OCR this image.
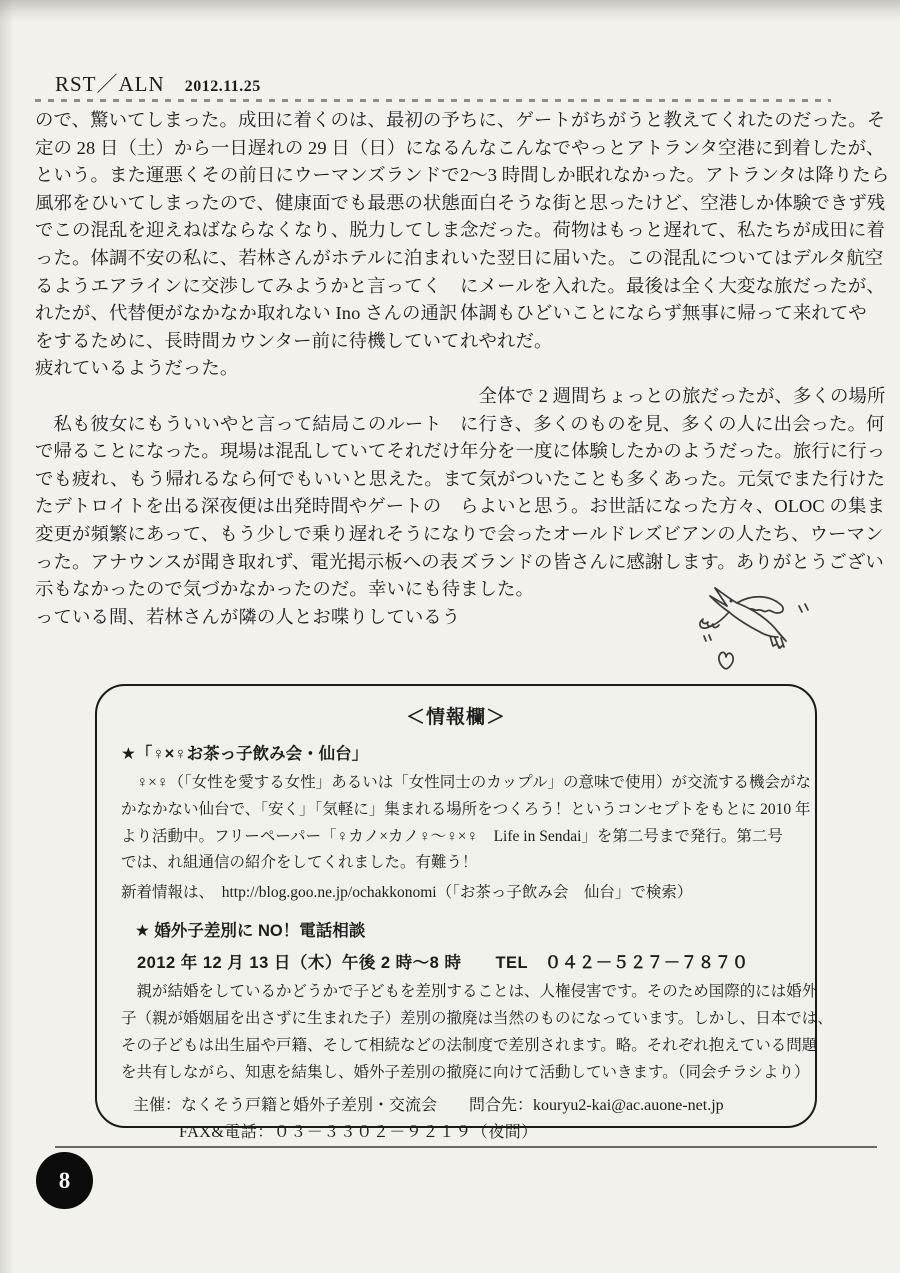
RST／ALN 2012.11.25
ので、驚いてしまった。成田に着くのは、最初の予
定の 28 日（土）から一日遅れの 29 日（日）になる
という。また運悪くその前日にウーマンズランドで
風邪をひいてしまったので、健康面でも最悪の状態
でこの混乱を迎えねばならなくなり、脱力してしま
った。体調不安の私に、若林さんがホテルに泊まれ
るようエアラインに交渉してみようかと言ってく
れたが、代替便がなかなか取れない Ino さんの通訳
をするために、長時間カウンター前に待機していて
疲れているようだった。

　私も彼女にもういいやと言って結局このルート
で帰ることになった。現場は混乱していてそれだけ
でも疲れ、もう帰れるなら何でもいいと思えた。ま
たデトロイトを出る深夜便は出発時間やゲートの
変更が頻繁にあって、もう少しで乗り遅れそうにな
った。アナウンスが聞き取れず、電光掲示板への表
示もなかったので気づかなかったのだ。幸いにも待
っている間、若林さんが隣の人とお喋りしているう
ちに、ゲートがちがうと教えてくれたのだった。そ
んなこんなでやっとアトランタ空港に到着したが、
2〜3 時間しか眠れなかった。アトランタは降りたら
面白そうな街と思ったけど、空港しか体験できず残
念だった。荷物はもっと遅れて、私たちが成田に着
いた翌日に届いた。この混乱についてはデルタ航空
にメールを入れた。最後は全く大変な旅だったが、
体調もひどいことにならず無事に帰って来れてや
れやれだ。

　全体で 2 週間ちょっとの旅だったが、多くの場所
に行き、多くのものを見、多くの人に出会った。何
年分を一度に体験したかのようだった。旅行に行っ
て気がついたことも多くあった。元気でまた行けた
らよいと思う。お世話になった方々、OLOC の集ま
りで会ったオールドレズビアンの人たち、ウーマン
ズランドの皆さんに感謝します。ありがとうござい
ました。
＜情報欄＞
★「♀×♀お茶っ子飲み会・仙台」
　♀×♀（「女性を愛する女性」あるいは「女性同士のカップル」の意味で使用）が交流する機会がな
かなかない仙台で、「安く」「気軽に」集まれる場所をつくろう！というコンセプトをもとに 2010 年
より活動中。フリーペーパー「♀カノ×カノ♀〜♀×♀　Life in Sendai」を第二号まで発行。第二号
では、れ組通信の紹介をしてくれました。有難う！
新着情報は、　http://blog.goo.ne.jp/ochakkonomi（「お茶っ子飲み会　仙台」で検索）
★ 婚外子差別に NO！電話相談
2012 年 12 月 13 日（木）午後 2 時〜8 時　　TEL　０４２－５２７－７８７０
　親が結婚をしているかどうかで子どもを差別することは、人権侵害です。そのため国際的には婚外
子（親が婚姻届を出さずに生まれた子）差別の撤廃は当然のものになっています。しかし、日本では、
その子どもは出生届や戸籍、そして相続などの法制度で差別されます。略。それぞれ抱えている問題
を共有しながら、知恵を結集し、婚外子差別の撤廃に向けて活動していきます。（同会チラシより）
主催：なくそう戸籍と婚外子差別・交流会　　問合先：kouryu2-kai@ac.auone-net.jp
FAX&電話：０３－３３０２－９２１９（夜間）
8
